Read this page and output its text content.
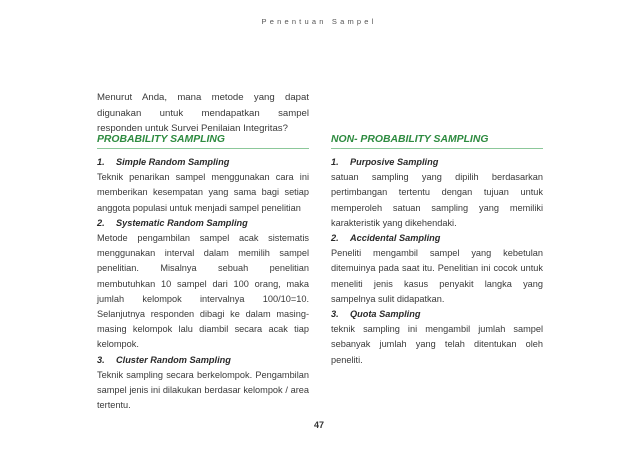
Penentuan Sampel

Menurut Anda, mana metode yang dapat digunakan untuk mendapatkan sampel responden untuk Survei Penilaian Integritas?

PROBABILITY SAMPLING
1. Simple Random Sampling

Teknik penarikan sampel menggunakan cara ini memberikan kesempatan yang sama bagi setiap anggota populasi untuk menjadi sampel penelitian

2. Systematic Random Sampling

Metode pengambilan sampel acak sistematis menggunakan interval dalam memilih sampel penelitian. Misalnya sebuah penelitian membutuhkan 10 sampel dari 100 orang, maka jumlah kelompok intervalnya 100/10=10. Selanjutnya responden dibagi ke dalam masing-masing kelompok lalu diambil secara acak tiap kelompok.

3. Cluster Random Sampling

Teknik sampling secara berkelompok. Pengambilan sampel jenis ini dilakukan berdasar kelompok / area tertentu.

NON- PROBABILITY SAMPLING
1. Purposive Sampling

satuan sampling yang dipilih berdasarkan pertimbangan tertentu dengan tujuan untuk memperoleh satuan sampling yang memiliki karakteristik yang dikehendaki.

2. Accidental Sampling

Peneliti mengambil sampel yang kebetulan ditemuinya pada saat itu. Penelitian ini cocok untuk meneliti jenis kasus penyakit langka yang sampelnya sulit didapatkan.

3. Quota Sampling

teknik sampling ini mengambil jumlah sampel sebanyak jumlah yang telah ditentukan oleh peneliti.

47
